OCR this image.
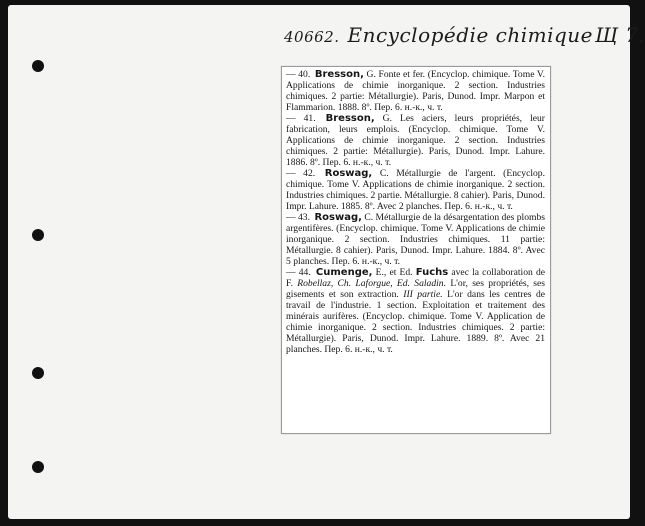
40662. Encyclopédie chimique Щ 7.

— 40. Bresson, G. Fonte et fer. (Encyclop. chimique. Tome V. Applications de chimie inorganique. 2 section. Industries chimiques. 2 partie: Métallurgie). Paris, Dunod. Impr. Marpon et Flammarion. 1888. 8º. Пер. 6. н.-к., ч. т.

— 41. Bresson, G. Les aciers, leurs propriétés, leur fabrication, leurs emplois. (Encyclop. chimique. Tome V. Applications de chimie inorganique. 2 section. Industries chimiques. 2 partie: Métallurgie). Paris, Dunod. Impr. Lahure. 1886. 8º. Пер. 6. н.-к., ч. т.

— 42. Roswag, C. Métallurgie de l'argent. (Encyclop. chimique. Tome V. Applications de chimie inorganique. 2 section. Industries chimiques. 2 partie. Métallurgie. 8 cahier). Paris, Dunod. Impr. Lahure. 1885. 8º. Avec 2 planches. Пер. 6. н.-к., ч. т.

— 43. Roswag, C. Métallurgie de la désargentation des plombs argentifères. (Encyclop. chimique. Tome V. Applications de chimie inorganique. 2 section. Industries chimiques. 11 partie: Métallurgie. 8 cahier). Paris, Dunod. Impr. Lahure. 1884. 8º. Avec 5 planches. Пер. 6. н.-к., ч. т.

— 44. Cumenge, E., et Ed. Fuchs avec la collaboration de F. Robellaz, Ch. Laforgue, Ed. Saladin. L'or, ses propriétés, ses gisements et son extraction. III partie. L'or dans les centres de travail de l'industrie. 1 section. Exploitation et traitement des minérais aurifères. (Encyclop. chimique. Tome V. Application de chimie inorganique. 2 section. Industries chimiques. 2 partie: Métallurgie). Paris, Dunod. Impr. Lahure. 1889. 8º. Avec 21 planches. Пер. 6. н.-к., ч. т.
